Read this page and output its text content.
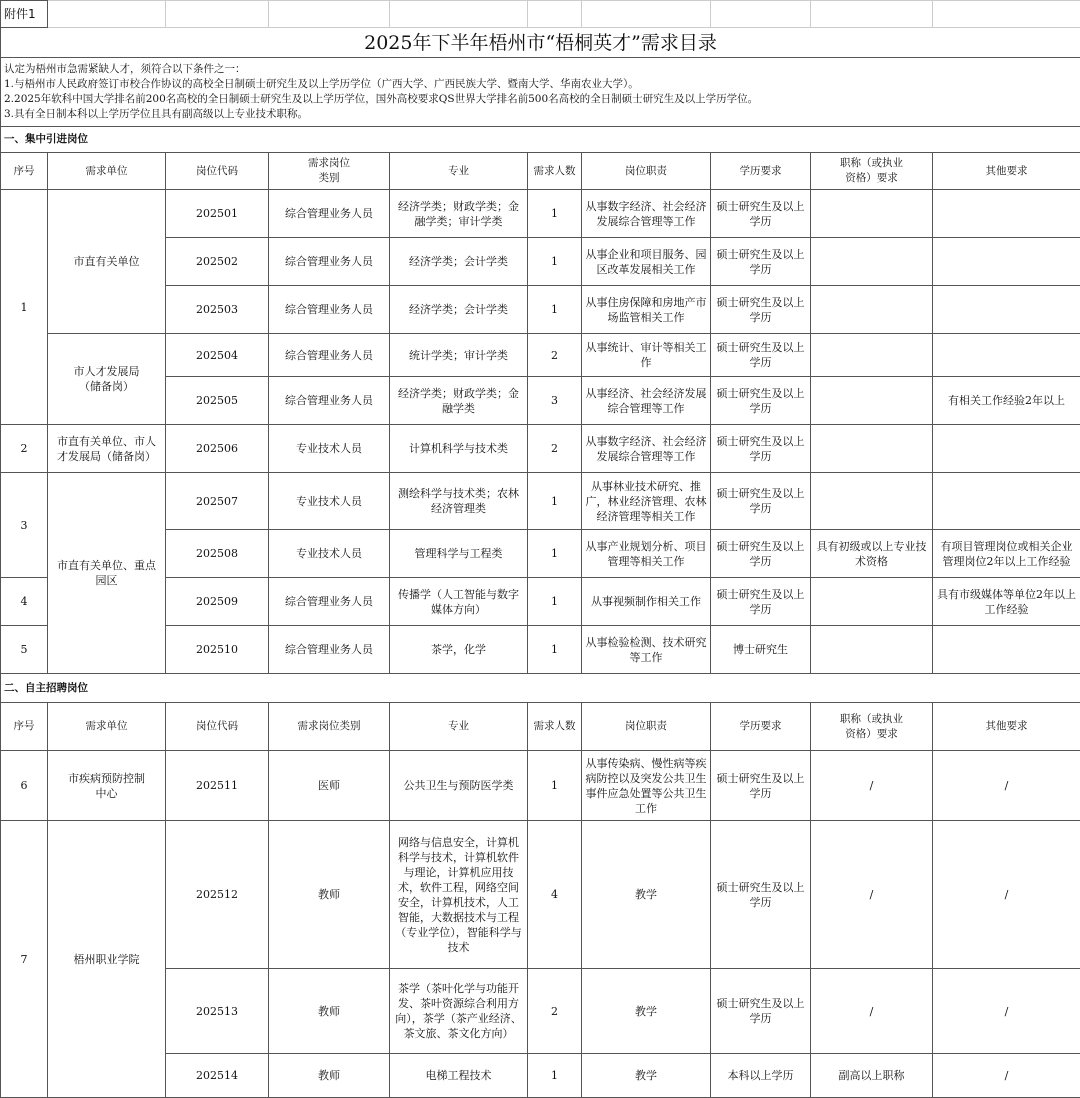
附件1									
2025年下半年梧州市“梧桐英才”需求目录									

认定为梧州市急需紧缺人才，须符合以下条件之一：

1.与梧州市人民政府签订市校合作协议的高校全日制硕士研究生及以上学历学位（广西大学、广西民族大学、暨南大学、华南农业大学）。

2.2025年软科中国大学排名前200名高校的全日制硕士研究生及以上学历学位，国外高校要求QS世界大学排名前500名高校的全日制硕士研究生及以上学历学位。

3.具有全日制本科以上学历学位且具有副高级以上专业技术职称。									

一、集中引进岗位									
序号	需求单位	岗位代码	需求岗位
类别	专业	需求人数	岗位职责	学历要求	职称（或执业
资格）要求	其他要求
1	市直有关单位	202501	综合管理业务人员	经济学类；财政学类；金融学类；审计学类	1	从事数字经济、社会经济发展综合管理等工作	硕士研究生及以上学历		
		202502	综合管理业务人员	经济学类；会计学类	1	从事企业和项目服务、园区改革发展相关工作	硕士研究生及以上学历		
		202503	综合管理业务人员	经济学类；会计学类	1	从事住房保障和房地产市场监管相关工作	硕士研究生及以上学历		
	市人才发展局
（储备岗）	202504	综合管理业务人员	统计学类；审计学类	2	从事统计、审计等相关工作	硕士研究生及以上学历		
		202505	综合管理业务人员	经济学类；财政学类；金融学类	3	从事经济、社会经济发展综合管理等工作	硕士研究生及以上学历		有相关工作经验2年以上
2	市直有关单位、市人
才发展局（储备岗）	202506	专业技术人员	计算机科学与技术类	2	从事数字经济、社会经济发展综合管理等工作	硕士研究生及以上学历		
3	市直有关单位、重点
园区	202507	专业技术人员	测绘科学与技术类；农林经济管理类	1	从事林业技术研究、推广，林业经济管理、农林经济管理等相关工作	硕士研究生及以上学历		
		202508	专业技术人员	管理科学与工程类	1	从事产业规划分析、项目管理等相关工作	硕士研究生及以上学历	具有初级或以上专业技术资格	有项目管理岗位或相关企业管理岗位2年以上工作经验
4		202509	综合管理业务人员	传播学（人工智能与数字媒体方向）	1	从事视频制作相关工作	硕士研究生及以上学历		具有市级媒体等单位2年以上工作经验
5		202510	综合管理业务人员	茶学，化学	1	从事检验检测、技术研究等工作	博士研究生		
二、自主招聘岗位									
序号	需求单位	岗位代码	需求岗位类别	专业	需求人数	岗位职责	学历要求	职称（或执业
资格）要求	其他要求
6	市疾病预防控制
中心	202511	医师	公共卫生与预防医学类	1	从事传染病、慢性病等疾病防控以及突发公共卫生事件应急处置等公共卫生工作	硕士研究生及以上学历	/	/
7	梧州职业学院	202512	教师	网络与信息安全，计算机科学与技术，计算机软件与理论，计算机应用技术，软件工程，网络空间安全，计算机技术，人工智能，大数据技术与工程（专业学位），智能科学与技术	4	教学	硕士研究生及以上学历	/	/
		202513	教师	茶学（茶叶化学与功能开发、茶叶资源综合利用方向），茶学（茶产业经济、茶文旅、茶文化方向）	2	教学	硕士研究生及以上学历	/	/
		202514	教师	电梯工程技术	1	教学	本科以上学历	副高以上职称	/
